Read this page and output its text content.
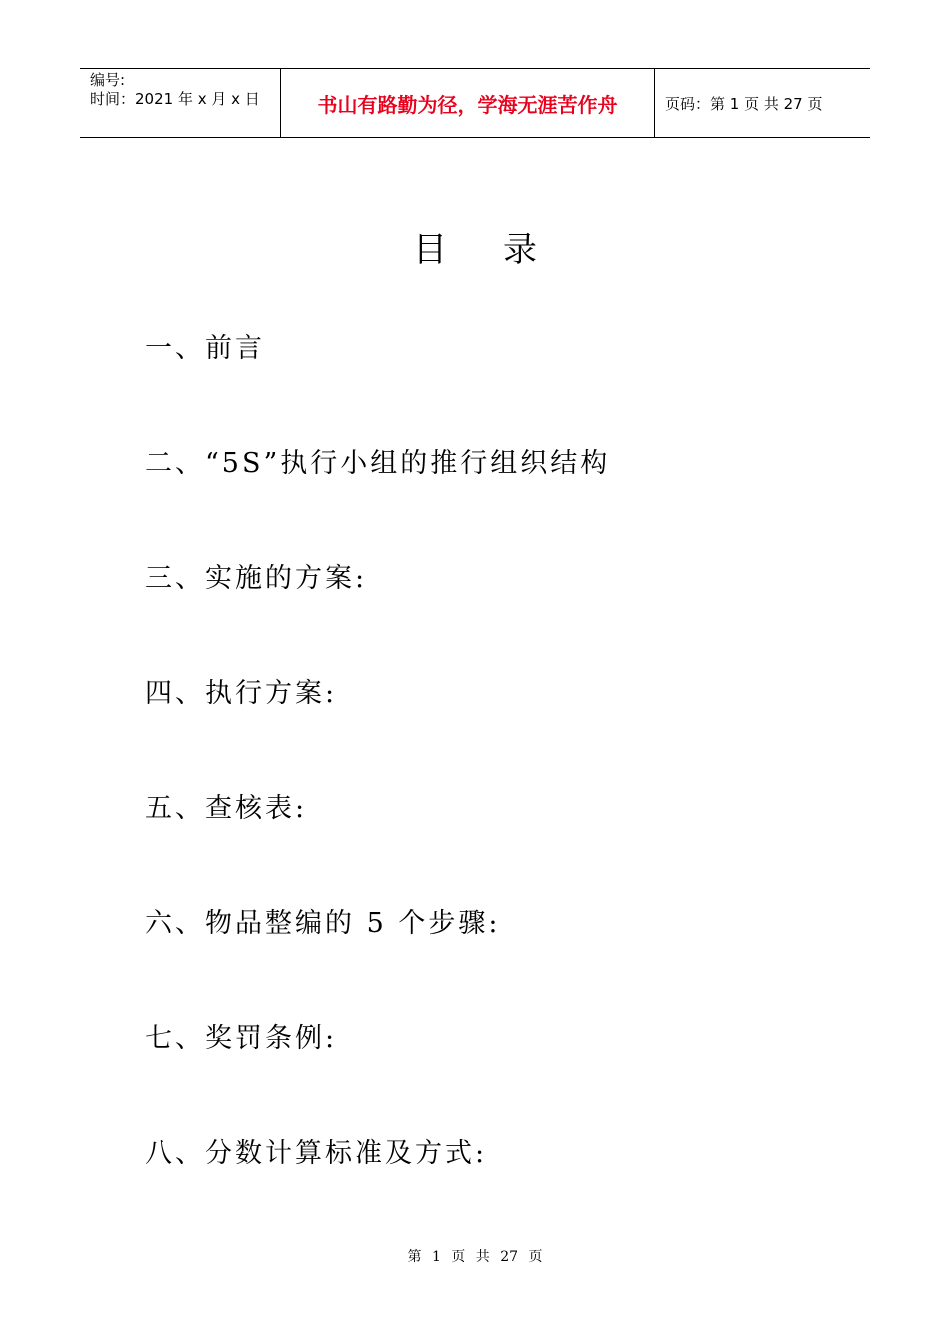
编号:
时间：2021 年 x 月 x 日	书山有路勤为径，学海无涯苦作舟	页码：第 1 页 共 27 页
目录
一、前言
二、“5S”执行小组的推行组织结构
三、实施的方案:
四、执行方案:
五、查核表:
六、物品整编的 5 个步骤:
七、奖罚条例:
八、分数计算标准及方式:
第 1 页 共 27 页
